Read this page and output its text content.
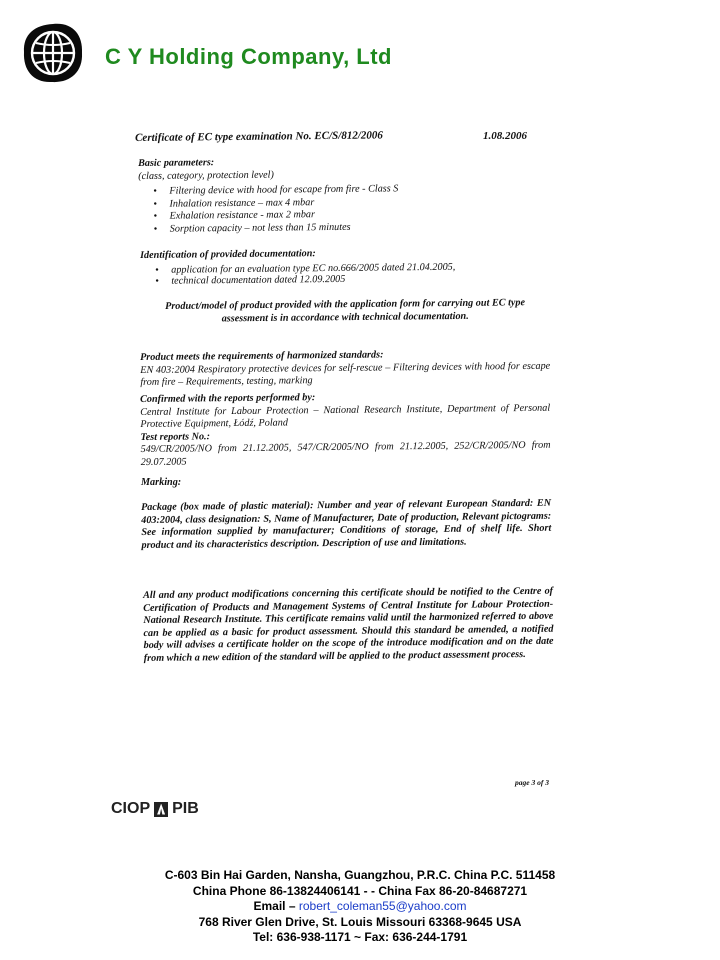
C Y Holding Company, Ltd
Certificate of EC type examination No. EC/S/812/2006	1.08.2006
Basic parameters:
(class, category, protection level)
• Filtering device with hood for escape from fire - Class S
• Inhalation resistance – max 4 mbar
• Exhalation resistance - max 2 mbar
• Sorption capacity – not less than 15 minutes
Identification of provided documentation:
• application for an evaluation type EC no.666/2005 dated 21.04.2005,
• technical documentation dated 12.09.2005
Product/model of product provided with the application form for carrying out EC type assessment is in accordance with technical documentation.
Product meets the requirements of harmonized standards:
EN 403:2004 Respiratory protective devices for self-rescue – Filtering devices with hood for escape from fire – Requirements, testing, marking
Confirmed with the reports performed by:
Central Institute for Labour Protection – National Research Institute, Department of Personal Protective Equipment, Łódź, Poland
Test reports No.:
549/CR/2005/NO from 21.12.2005, 547/CR/2005/NO from 21.12.2005, 252/CR/2005/NO from 29.07.2005
Marking:
Package (box made of plastic material): Number and year of relevant European Standard: EN 403:2004, class designation: S, Name of Manufacturer, Date of production, Relevant pictograms: See information supplied by manufacturer; Conditions of storage, End of shelf life. Short product and its characteristics description. Description of use and limitations.
All and any product modifications concerning this certificate should be notified to the Centre of Certification of Products and Management Systems of Central Institute for Labour Protection-National Research Institute. This certificate remains valid until the harmonized referred to above can be applied as a basic for product assessment. Should this standard be amended, a notified body will advises a certificate holder on the scope of the introduce modification and on the date from which a new edition of the standard will be applied to the product assessment process.
page 3 of 3
CIOP PIB
C-603 Bin Hai Garden, Nansha, Guangzhou, P.R.C. China P.C. 511458
China Phone 86-13824406141 - - China Fax 86-20-84687271
Email – robert_coleman55@yahoo.com
768 River Glen Drive, St. Louis Missouri 63368-9645 USA
Tel: 636-938-1171 ~ Fax: 636-244-1791
